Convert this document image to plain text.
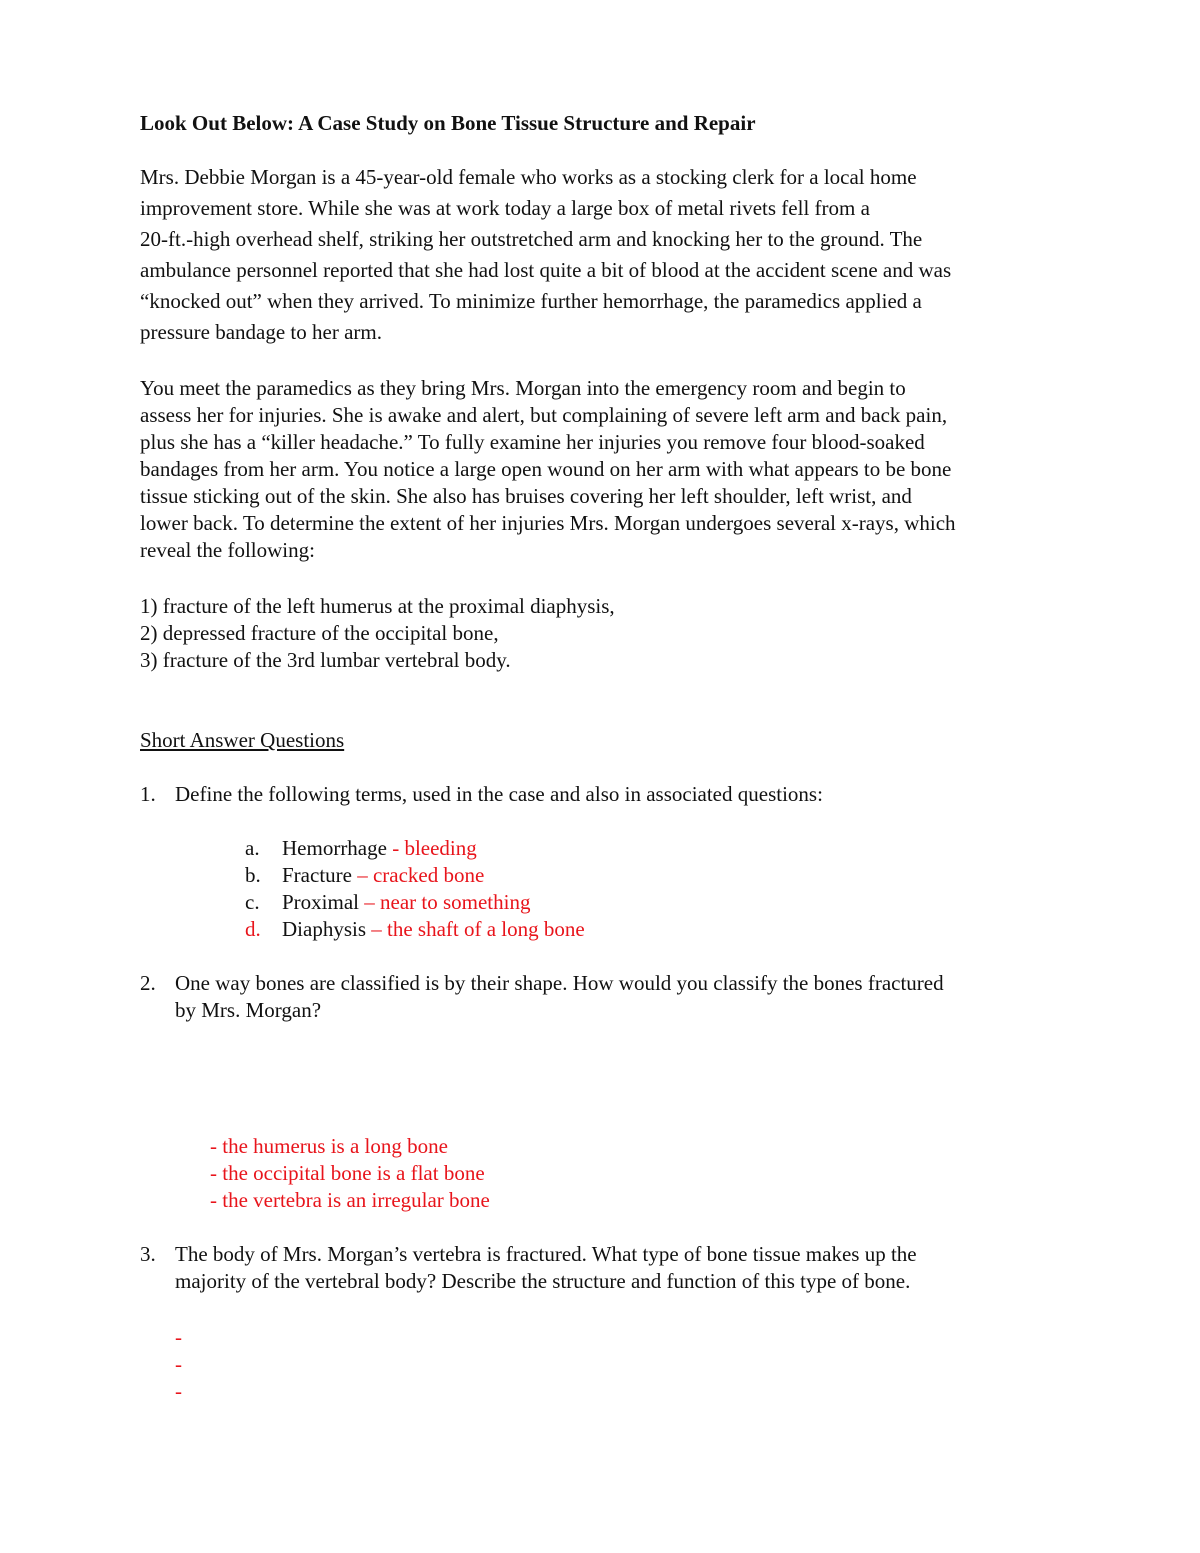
Look Out Below: A Case Study on Bone Tissue Structure and Repair
Mrs. Debbie Morgan is a 45-year-old female who works as a stocking clerk for a local home
improvement store. While she was at work today a large box of metal rivets fell from a
20-ft.-high overhead shelf, striking her outstretched arm and knocking her to the ground. The
ambulance personnel reported that she had lost quite a bit of blood at the accident scene and was
“knocked out” when they arrived. To minimize further hemorrhage, the paramedics applied a
pressure bandage to her arm.
You meet the paramedics as they bring Mrs. Morgan into the emergency room and begin to
assess her for injuries. She is awake and alert, but complaining of severe left arm and back pain,
plus she has a “killer headache.” To fully examine her injuries you remove four blood-soaked
bandages from her arm. You notice a large open wound on her arm with what appears to be bone
tissue sticking out of the skin. She also has bruises covering her left shoulder, left wrist, and
lower back. To determine the extent of her injuries Mrs. Morgan undergoes several x-rays, which
reveal the following:
1) fracture of the left humerus at the proximal diaphysis,
2) depressed fracture of the occipital bone,
3) fracture of the 3rd lumbar vertebral body.
Short Answer Questions
1. Define the following terms, used in the case and also in associated questions:
a. Hemorrhage - bleeding
b. Fracture – cracked bone
c. Proximal – near to something
d. Diaphysis – the shaft of a long bone
2. One way bones are classified is by their shape. How would you classify the bones fractured
by Mrs. Morgan?
- the humerus is a long bone
- the occipital bone is a flat bone
- the vertebra is an irregular bone
3. The body of Mrs. Morgan’s vertebra is fractured. What type of bone tissue makes up the
majority of the vertebral body? Describe the structure and function of this type of bone.
-
-
-
